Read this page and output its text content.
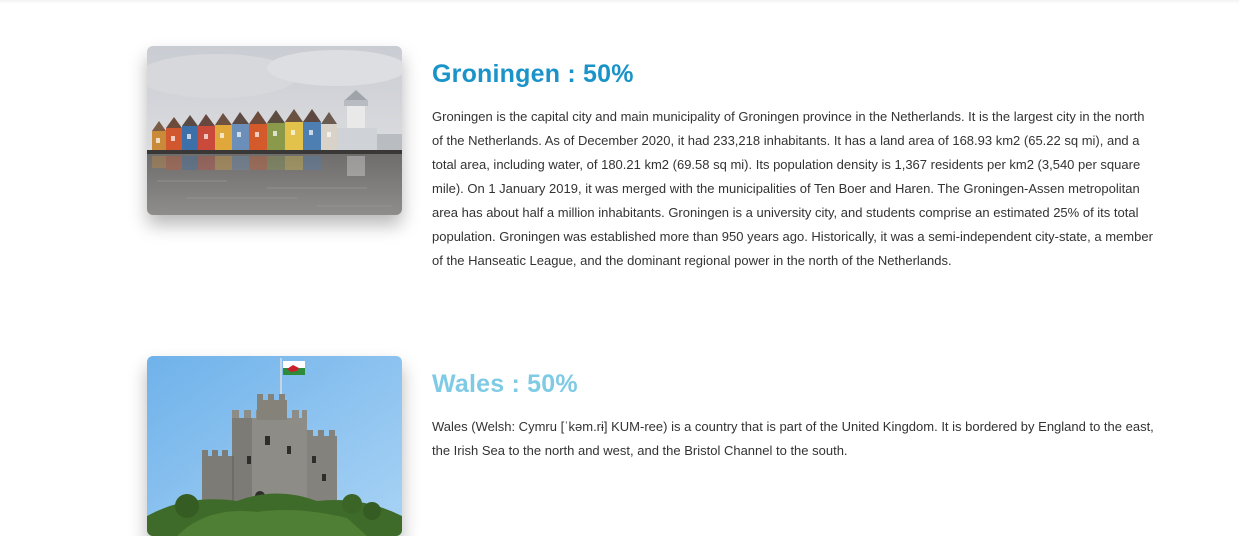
Groningen : 50%

Groningen is the capital city and main municipality of Groningen province in the Netherlands. It is the largest city in the north of the Netherlands. As of December 2020, it had 233,218 inhabitants. It has a land area of 168.93 km2 (65.22 sq mi), and a total area, including water, of 180.21 km2 (69.58 sq mi). Its population density is 1,367 residents per km2 (3,540 per square mile). On 1 January 2019, it was merged with the municipalities of Ten Boer and Haren. The Groningen-Assen metropolitan area has about half a million inhabitants. Groningen is a university city, and students comprise an estimated 25% of its total population. Groningen was established more than 950 years ago. Historically, it was a semi-independent city-state, a member of the Hanseatic League, and the dominant regional power in the north of the Netherlands.

Wales : 50%

Wales (Welsh: Cymru [ˈkəm.rɨ] KUM-ree) is a country that is part of the United Kingdom. It is bordered by England to the east, the Irish Sea to the north and west, and the Bristol Channel to the south.
